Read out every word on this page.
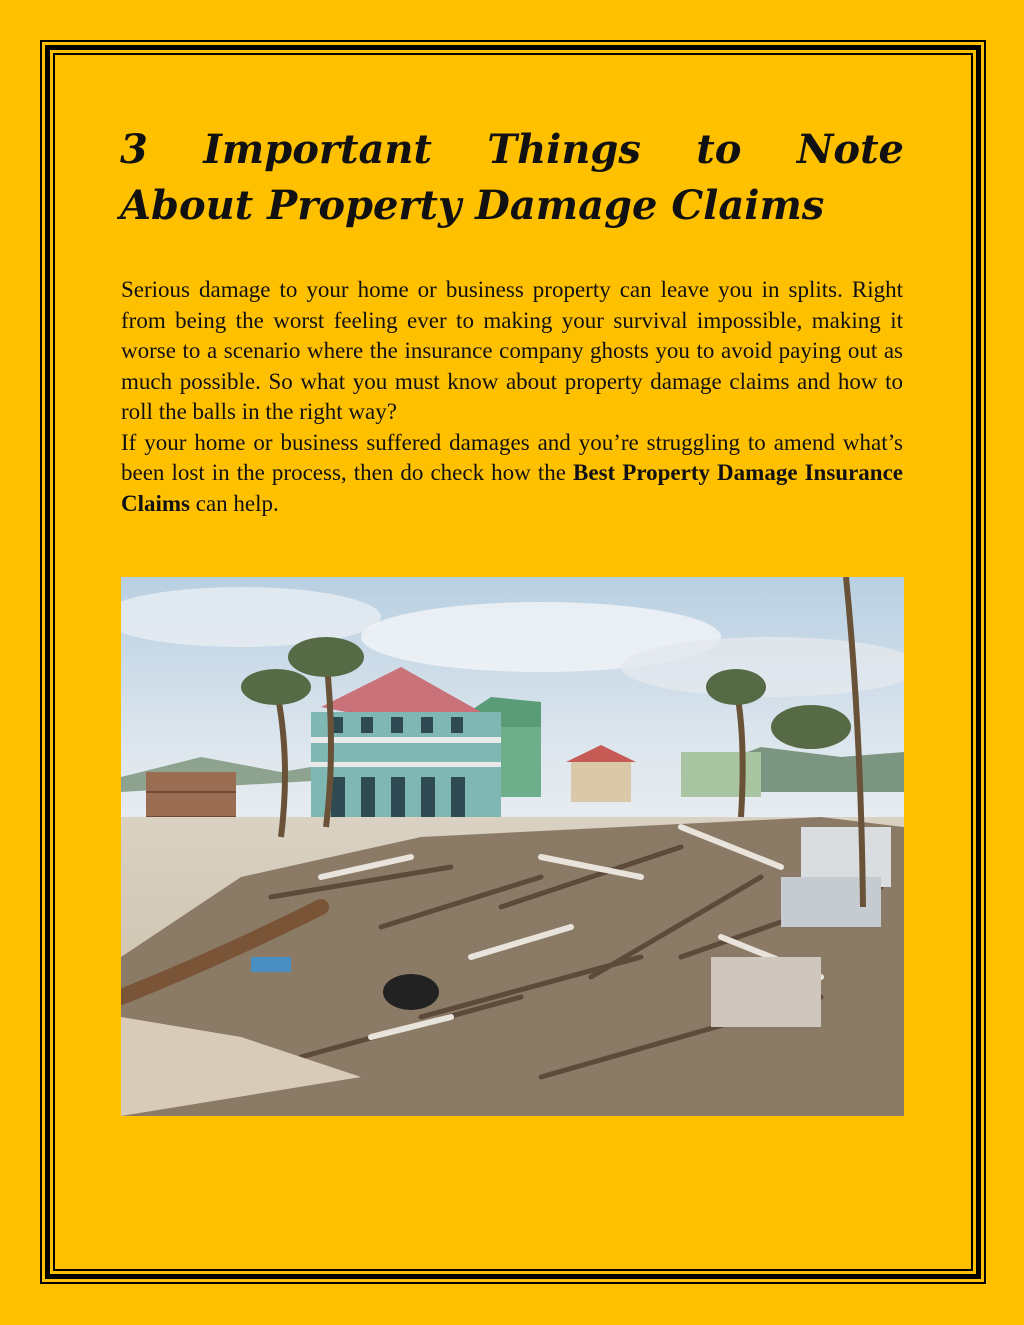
3 Important Things to Note
About Property Damage Claims

Serious damage to your home or business property can leave you in splits. Right from being the worst feeling ever to making your survival impossible, making it worse to a scenario where the insurance company ghosts you to avoid paying out as much possible. So what you must know about property damage claims and how to roll the balls in the right way?

If your home or business suffered damages and you’re struggling to amend what’s been lost in the process, then do check how the Best Property Damage Insurance Claims can help.
